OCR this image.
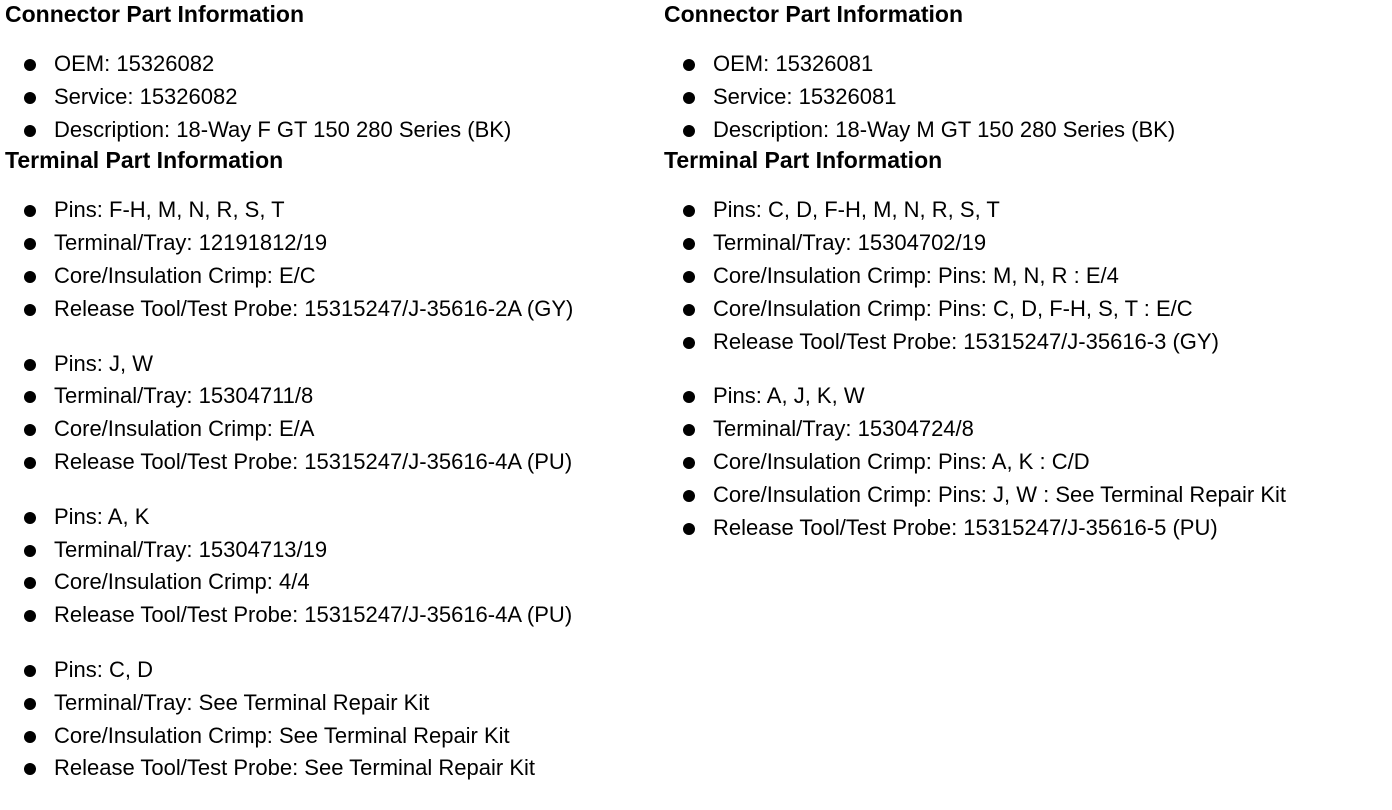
Connector Part Information
OEM: 15326082
Service: 15326082
Description: 18-Way F GT 150 280 Series (BK)
Terminal Part Information
Pins: F-H, M, N, R, S, T
Terminal/Tray: 12191812/19
Core/Insulation Crimp: E/C
Release Tool/Test Probe: 15315247/J-35616-2A (GY)
Pins: J, W
Terminal/Tray: 15304711/8
Core/Insulation Crimp: E/A
Release Tool/Test Probe: 15315247/J-35616-4A (PU)
Pins: A, K
Terminal/Tray: 15304713/19
Core/Insulation Crimp: 4/4
Release Tool/Test Probe: 15315247/J-35616-4A (PU)
Pins: C, D
Terminal/Tray: See Terminal Repair Kit
Core/Insulation Crimp: See Terminal Repair Kit
Release Tool/Test Probe: See Terminal Repair Kit
Connector Part Information
OEM: 15326081
Service: 15326081
Description: 18-Way M GT 150 280 Series (BK)
Terminal Part Information
Pins: C, D, F-H, M, N, R, S, T
Terminal/Tray: 15304702/19
Core/Insulation Crimp: Pins: M, N, R : E/4
Core/Insulation Crimp: Pins: C, D, F-H, S, T : E/C
Release Tool/Test Probe: 15315247/J-35616-3 (GY)
Pins: A, J, K, W
Terminal/Tray: 15304724/8
Core/Insulation Crimp: Pins: A, K : C/D
Core/Insulation Crimp: Pins: J, W : See Terminal Repair Kit
Release Tool/Test Probe: 15315247/J-35616-5 (PU)
